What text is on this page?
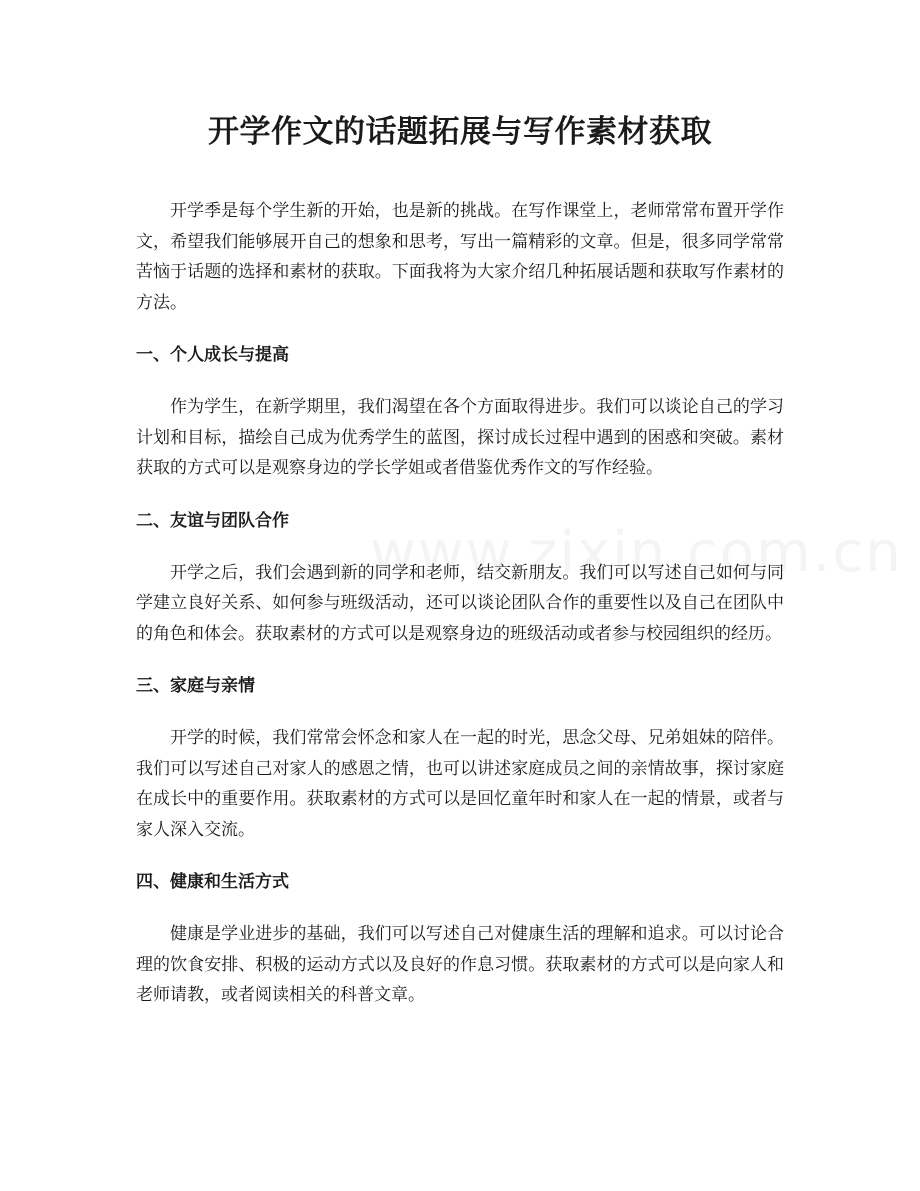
开学作文的话题拓展与写作素材获取

开学季是每个学生新的开始，也是新的挑战。在写作课堂上，老师常常布置开学作文，希望我们能够展开自己的想象和思考，写出一篇精彩的文章。但是，很多同学常常苦恼于话题的选择和素材的获取。下面我将为大家介绍几种拓展话题和获取写作素材的方法。

一、个人成长与提高

作为学生，在新学期里，我们渴望在各个方面取得进步。我们可以谈论自己的学习计划和目标，描绘自己成为优秀学生的蓝图，探讨成长过程中遇到的困惑和突破。素材获取的方式可以是观察身边的学长学姐或者借鉴优秀作文的写作经验。

二、友谊与团队合作

开学之后，我们会遇到新的同学和老师，结交新朋友。我们可以写述自己如何与同学建立良好关系、如何参与班级活动，还可以谈论团队合作的重要性以及自己在团队中的角色和体会。获取素材的方式可以是观察身边的班级活动或者参与校园组织的经历。

三、家庭与亲情

开学的时候，我们常常会怀念和家人在一起的时光，思念父母、兄弟姐妹的陪伴。我们可以写述自己对家人的感恩之情，也可以讲述家庭成员之间的亲情故事，探讨家庭在成长中的重要作用。获取素材的方式可以是回忆童年时和家人在一起的情景，或者与家人深入交流。

四、健康和生活方式

健康是学业进步的基础，我们可以写述自己对健康生活的理解和追求。可以讨论合理的饮食安排、积极的运动方式以及良好的作息习惯。获取素材的方式可以是向家人和老师请教，或者阅读相关的科普文章。
